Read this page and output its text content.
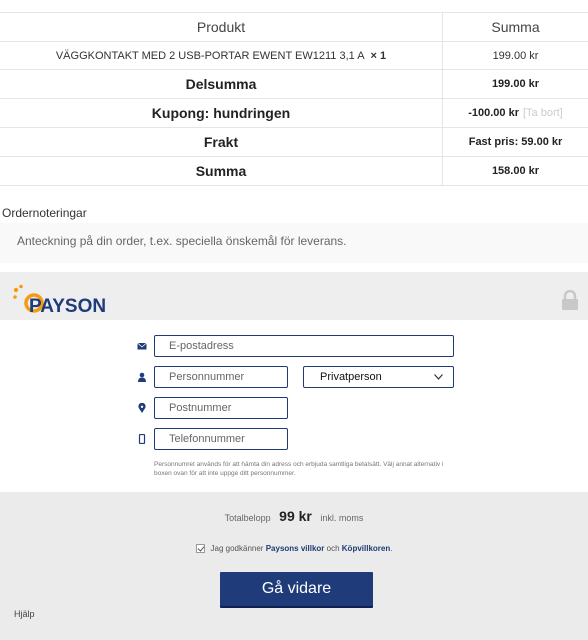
Produkt	Summa
VÄGGKONTAKT MED 2 USB-PORTAR EWENT EW1211 3,1 A × 1	199.00 kr
Delsumma	199.00 kr
Kupong: hundringen	-100.00 kr [Ta bort]
Frakt	Fast pris: 59.00 kr
Summa	158.00 kr
Ordernoteringar
Anteckning på din order, t.ex. speciella önskemål för leverans.
PAYSON
E-postadress
Personnummer	Privatperson
Postnummer
Telefonnummer
Personnumret används för att hämta din adress och erbjuda samtliga betalsätt. Välj annat alternativ i boxen ovan för att inte uppge ditt personnummer.
Totalbelopp 99 kr inkl. moms
Jag godkänner
Paysons villkor
och
Köpvillkoren .
Gå vidare
Hjälp
